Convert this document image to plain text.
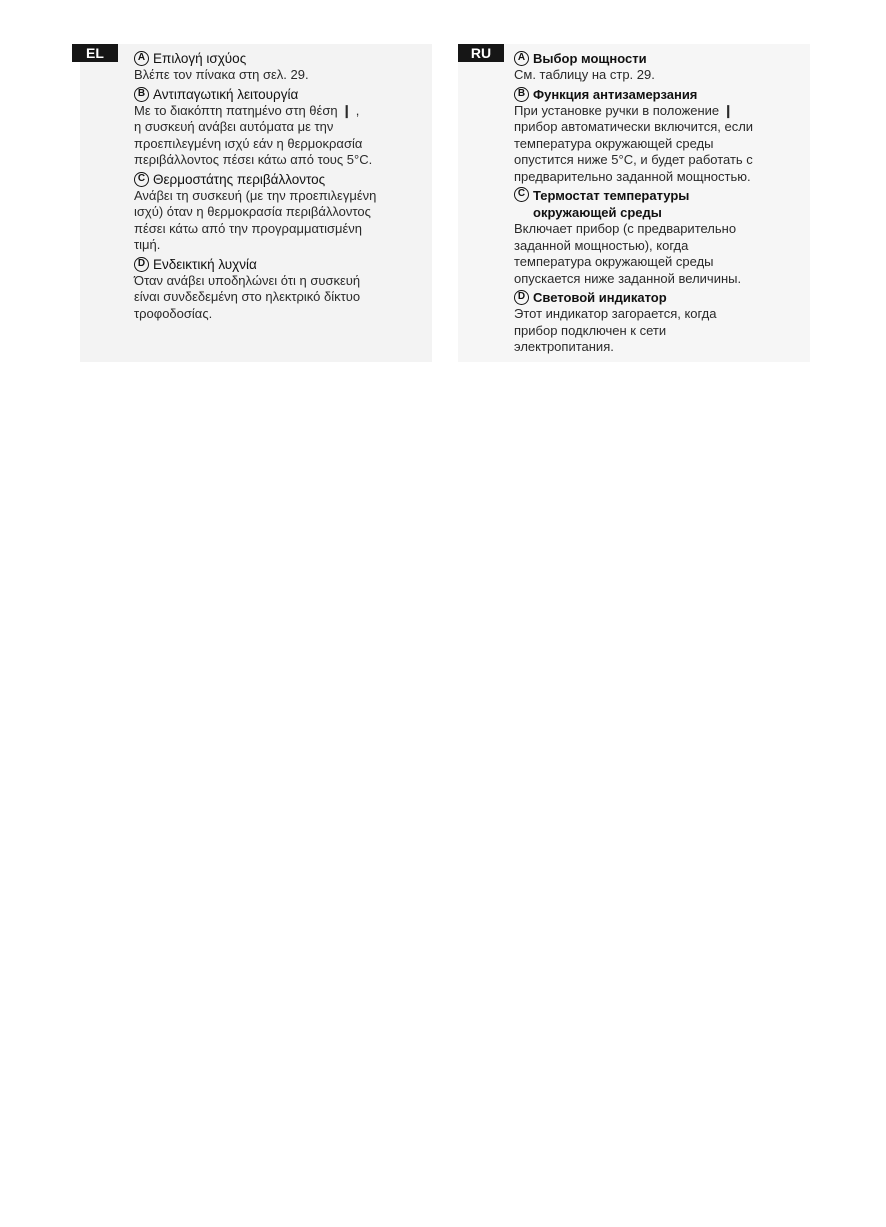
EL	A Επιλογή ισχύος
Βλέπε τον πίνακα στη σελ. 29.
B Αντιπαγωτική λειτουργία
Με το διακόπτη πατημένο στη θέση ❙ ,
η συσκευή ανάβει αυτόματα με την
προεπιλεγμένη ισχύ εάν η θερμοκρασία
περιβάλλοντος πέσει κάτω από τους 5°C.
C Θερμοστάτης περιβάλλοντος
Ανάβει τη συσκευή (με την προεπιλεγμένη
ισχύ) όταν η θερμοκρασία περιβάλλοντος
πέσει κάτω από την προγραμματισμένη
τιμή.
D Ενδεικτική λυχνία
Όταν ανάβει υποδηλώνει ότι η συσκευή
είναι συνδεδεμένη στο ηλεκτρικό δίκτυο
τροφοδοσίας.
RU	A Выбор мощности
См. таблицу на стр. 29.
B Функция антизамерзания
При установке ручки в положение ❙
прибор автоматически включится, если
температура окружающей среды
опустится ниже 5°C, и будет работать с
предварительно заданной мощностью.
C Термостат температуры
окружающей среды
Включает прибор (с предварительно
заданной мощностью), когда
температура окружающей среды
опускается ниже заданной величины.
D Световой индикатор
Этот индикатор загорается, когда
прибор подключен к сети
электропитания.
